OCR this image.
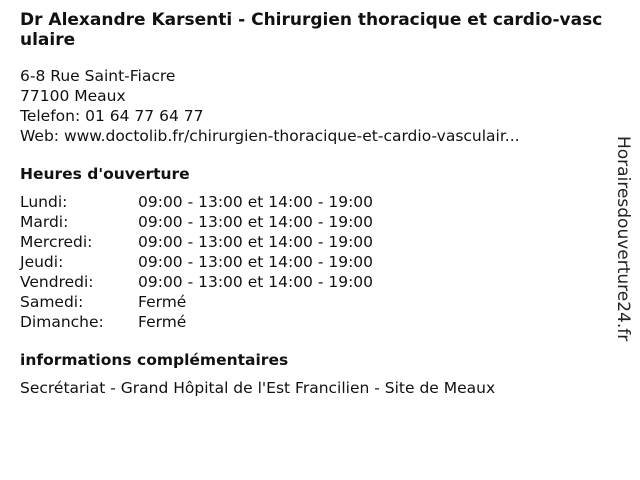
Dr Alexandre Karsenti - Chirurgien thoracique et cardio-vasculaire
6-8 Rue Saint-Fiacre
77100 Meaux
Telefon: 01 64 77 64 77
Web: www.doctolib.fr/chirurgien-thoracique-et-cardio-vasculair...
Heures d'ouverture
Lundi:	09:00 - 13:00 et 14:00 - 19:00
Mardi:	09:00 - 13:00 et 14:00 - 19:00
Mercredi:	09:00 - 13:00 et 14:00 - 19:00
Jeudi:	09:00 - 13:00 et 14:00 - 19:00
Vendredi:	09:00 - 13:00 et 14:00 - 19:00
Samedi:	Fermé
Dimanche:	Fermé
informations complémentaires
Secrétariat - Grand Hôpital de l'Est Francilien - Site de Meaux
Horairesdouverture24.fr
